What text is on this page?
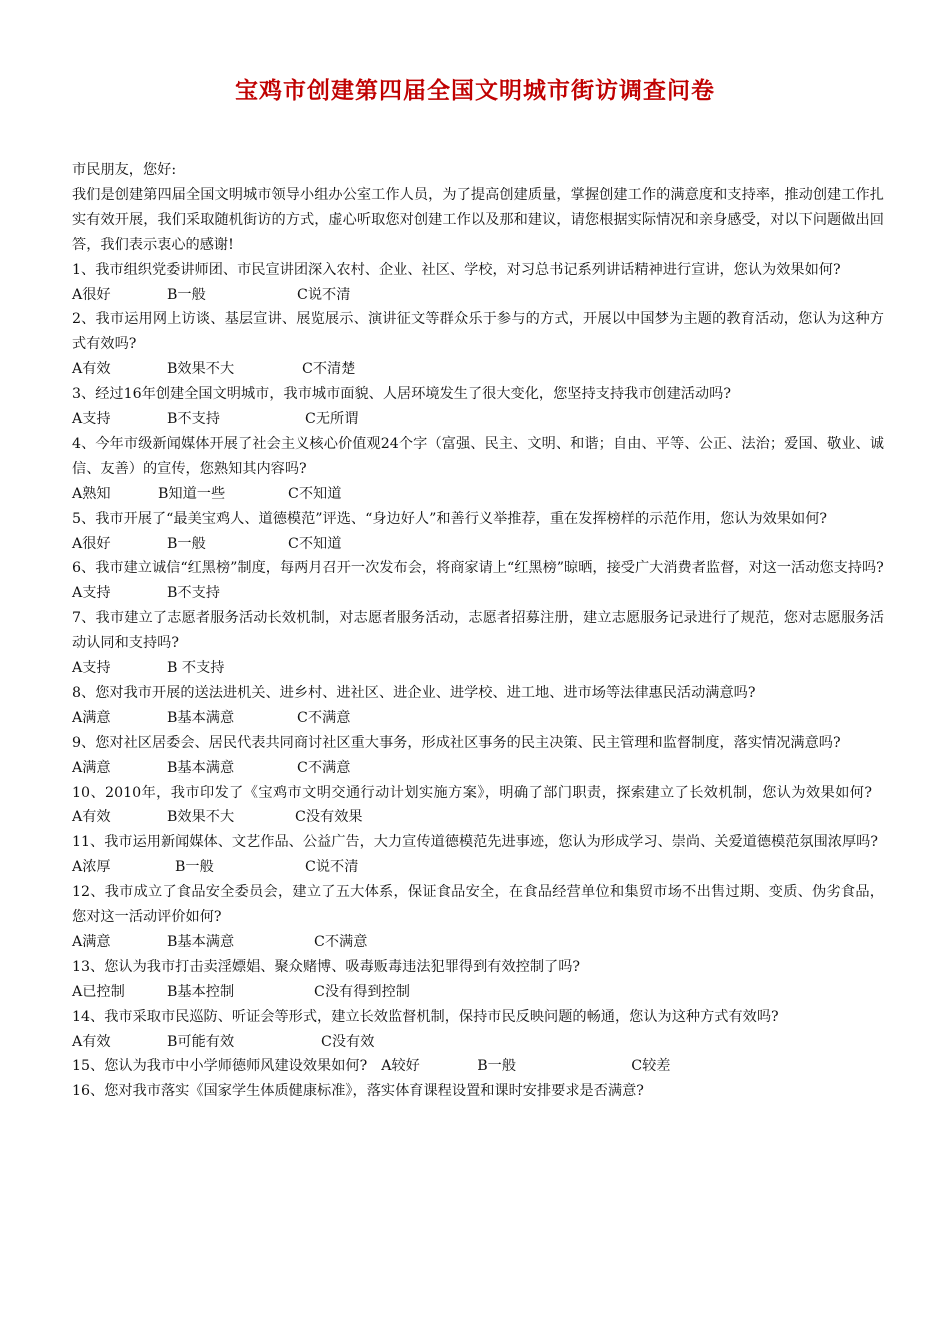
宝鸡市创建第四届全国文明城市街访调查问卷
市民朋友，您好:
我们是创建第四届全国文明城市领导小组办公室工作人员，为了提高创建质量，掌握创建工作的满意度和支持率，推动创建工作扎实有效开展，我们采取随机街访的方式，虚心听取您对创建工作以及那和建议，请您根据实际情况和亲身感受，对以下问题做出回答，我们表示衷心的感谢!
1、我市组织党委讲师团、市民宣讲团深入农村、企业、社区、学校，对习总书记系列讲话精神进行宣讲，您认为效果如何?
A很好	B一般	C说不清
2、我市运用网上访谈、基层宣讲、展览展示、演讲征文等群众乐于参与的方式，开展以中国梦为主题的教育活动，您认为这种方式有效吗?
A有效	B效果不大	C不清楚
3、经过16年创建全国文明城市，我市城市面貌、人居环境发生了很大变化，您坚持支持我市创建活动吗?
A支持	B不支持	C无所谓
4、今年市级新闻媒体开展了社会主义核心价值观24个字（富强、民主、文明、和谐；自由、平等、公正、法治；爱国、敬业、诚信、友善）的宣传，您熟知其内容吗?
A熟知	B知道一些	C不知道
5、我市开展了“最美宝鸡人、道德模范”评选、“身边好人”和善行义举推荐，重在发挥榜样的示范作用，您认为效果如何?
A很好	B一般	C不知道
6、我市建立诚信“红黑榜”制度，每两月召开一次发布会，将商家请上“红黑榜”晾晒，接受广大消费者监督，对这一活动您支持吗?
A支持	B不支持
7、我市建立了志愿者服务活动长效机制，对志愿者服务活动，志愿者招募注册，建立志愿服务记录进行了规范，您对志愿服务活动认同和支持吗?
A支持	B 不支持
8、您对我市开展的送法进机关、进乡村、进社区、进企业、进学校、进工地、进市场等法律惠民活动满意吗?
A满意	B基本满意	C不满意
9、您对社区居委会、居民代表共同商讨社区重大事务，形成社区事务的民主决策、民主管理和监督制度，落实情况满意吗?
A满意	B基本满意	C不满意
10、2010年，我市印发了《宝鸡市文明交通行动计划实施方案》，明确了部门职责，探索建立了长效机制，您认为效果如何?A有效	B效果不大	C没有效果
11、我市运用新闻媒体、文艺作品、公益广告，大力宣传道德模范先进事迹，您认为形成学习、崇尚、关爱道德模范氛围浓厚吗?
A浓厚	B一般	C说不清
12、我市成立了食品安全委员会，建立了五大体系，保证食品安全，在食品经营单位和集贸市场不出售过期、变质、伪劣食品，您对这一活动评价如何?
A满意	B基本满意	C不满意
13、您认为我市打击卖淫嫖娼、聚众赌博、吸毒贩毒违法犯罪得到有效控制了吗?
A已控制	B基本控制	C没有得到控制
14、我市采取市民巡防、听证会等形式，建立长效监督机制，保持市民反映问题的畅通，您认为这种方式有效吗?
A有效	B可能有效	C没有效
15、您认为我市中小学师德师风建设效果如何? A较好	B一般	C较差
16、您对我市落实《国家学生体质健康标准》，落实体育课程设置和课时安排要求是否满意?
